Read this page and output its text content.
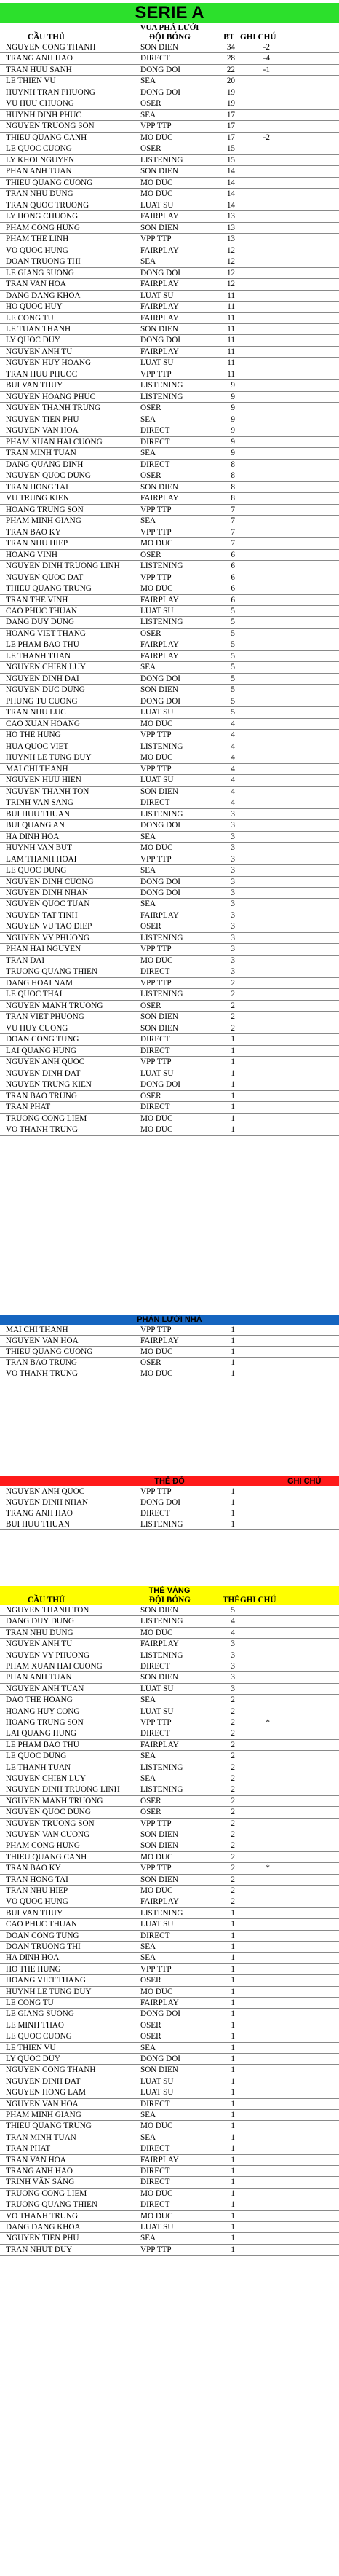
SERIE A
VUA PHÁ LƯỚI
CẦU THỦ	ĐỘI BÓNG	BT GHI CHÚ
NGUYEN CONG THANH	SON DIEN	34	-2
TRANG ANH HAO	DIRECT	28	-4
TRAN HUU SANH	DONG DOI	22	-1
LE THIEN VU	SEA	20
HUYNH TRAN PHUONG	DONG DOI	19
VU HUU CHUONG	OSER	19
HUYNH DINH PHUC	SEA	17
NGUYEN TRUONG SON	VPP TTP	17
THIEU QUANG CANH	MO DUC	17	-2
LE QUOC CUONG	OSER	15
LY KHOI NGUYEN	LISTENING	15
PHAN ANH TUAN	SON DIEN	14
THIEU QUANG CUONG	MO DUC	14
TRAN NHU DUNG	MO DUC	14
TRAN QUOC TRUONG	LUAT SU	14
LY HONG CHUONG	FAIRPLAY	13
PHAM CONG HUNG	SON DIEN	13
PHAM THE LINH	VPP TTP	13
VO QUOC HUNG	FAIRPLAY	12
DOAN TRUONG THI	SEA	12
LE GIANG SUONG	DONG DOI	12
TRAN VAN HOA	FAIRPLAY	12
DANG DANG KHOA	LUAT SU	11
HO QUOC HUY	FAIRPLAY	11
LE CONG TU	FAIRPLAY	11
LE TUAN THANH	SON DIEN	11
LY QUOC DUY	DONG DOI	11
NGUYEN ANH TU	FAIRPLAY	11
NGUYEN HUY HOANG	LUAT SU	11
TRAN HUU PHUOC	VPP TTP	11
BUI VAN THUY	LISTENING	9
NGUYEN HOANG PHUC	LISTENING	9
NGUYEN THANH TRUNG	OSER	9
NGUYEN TIEN PHU	SEA	9
NGUYEN VAN HOA	DIRECT	9
PHAM XUAN HAI CUONG	DIRECT	9
TRAN MINH TUAN	SEA	9
DANG QUANG DINH	DIRECT	8
NGUYEN QUOC DUNG	OSER	8
TRAN HONG TAI	SON DIEN	8
VU TRUNG KIEN	FAIRPLAY	8
HOANG TRUNG SON	VPP TTP	7
PHAM MINH GIANG	SEA	7
TRAN BAO KY	VPP TTP	7
TRAN NHU HIEP	MO DUC	7
HOANG VINH	OSER	6
NGUYEN DINH TRUONG LINH	LISTENING	6
NGUYEN QUOC DAT	VPP TTP	6
THIEU QUANG TRUNG	MO DUC	6
TRAN THE VINH	FAIRPLAY	6
CAO PHUC THUAN	LUAT SU	5
DANG DUY DUNG	LISTENING	5
HOANG VIET THANG	OSER	5
LE PHAM BAO THU	FAIRPLAY	5
LE THANH TUAN	FAIRPLAY	5
NGUYEN CHIEN LUY	SEA	5
NGUYEN DINH DAI	DONG DOI	5
NGUYEN DUC DUNG	SON DIEN	5
PHUNG TU CUONG	DONG DOI	5
TRAN NHU LUC	LUAT SU	5
CAO XUAN HOANG	MO DUC	4
HO THE HUNG	VPP TTP	4
HUA QUOC VIET	LISTENING	4
HUYNH LE TUNG DUY	MO DUC	4
MAI CHI THANH	VPP TTP	4
NGUYEN HUU HIEN	LUAT SU	4
NGUYEN THANH TON	SON DIEN	4
TRINH VAN SANG	DIRECT	4
BUI HUU THUAN	LISTENING	3
BUI QUANG AN	DONG DOI	3
HA DINH HOA	SEA	3
HUYNH VAN BUT	MO DUC	3
LAM THANH HOAI	VPP TTP	3
LE QUOC DUNG	SEA	3
NGUYEN DINH CUONG	DONG DOI	3
NGUYEN DINH NHAN	DONG DOI	3
NGUYEN QUOC TUAN	SEA	3
NGUYEN TAT TINH	FAIRPLAY	3
NGUYEN VU TAO DIEP	OSER	3
NGUYEN VY PHUONG	LISTENING	3
PHAN HAI NGUYEN	VPP TTP	3
TRAN DAI	MO DUC	3
TRUONG QUANG THIEN	DIRECT	3
DANG HOAI NAM	VPP TTP	2
LE QUOC THAI	LISTENING	2
NGUYEN MANH TRUONG	OSER	2
TRAN VIET PHUONG	SON DIEN	2
VU HUY CUONG	SON DIEN	2
DOAN CONG TUNG	DIRECT	1
LAI QUANG HUNG	DIRECT	1
NGUYEN ANH QUOC	VPP TTP	1
NGUYEN DINH DAT	LUAT SU	1
NGUYEN TRUNG KIEN	DONG DOI	1
TRAN BAO TRUNG	OSER	1
TRAN PHAT	DIRECT	1
TRUONG CONG LIEM	MO DUC	1
VO THANH TRUNG	MO DUC	1
PHẢN LƯỚI NHÀ
MAI CHI THANH	VPP TTP	1
NGUYEN VAN HOA	FAIRPLAY	1
THIEU QUANG CUONG	MO DUC	1
TRAN BAO TRUNG	OSER	1
VO THANH TRUNG	MO DUC	1
THẺ ĐỎ	GHI CHÚ
NGUYEN ANH QUOC	VPP TTP	1
NGUYEN DINH NHAN	DONG DOI	1
TRANG ANH HAO	DIRECT	1
BUI HUU THUAN	LISTENING	1
THẺ VÀNG
CẦU THỦ	ĐỘI BÓNG	THẺ GHI CHÚ
NGUYEN THANH TON	SON DIEN	5
DANG DUY DUNG	LISTENING	4
TRAN NHU DUNG	MO DUC	4
NGUYEN ANH TU	FAIRPLAY	3
NGUYEN VY PHUONG	LISTENING	3
PHAM XUAN HAI CUONG	DIRECT	3
PHAN ANH TUAN	SON DIEN	3
NGUYEN ANH TUAN	LUAT SU	3
DAO THE HOANG	SEA	2
HOANG HUY CONG	LUAT SU	2
HOANG TRUNG SON	VPP TTP	2	*
LAI QUANG HUNG	DIRECT	2
LE PHAM BAO THU	FAIRPLAY	2
LE QUOC DUNG	SEA	2
LE THANH TUAN	LISTENING	2
NGUYEN CHIEN LUY	SEA	2
NGUYEN DINH TRUONG LINH	LISTENING	2
NGUYEN MANH TRUONG	OSER	2
NGUYEN QUOC DUNG	OSER	2
NGUYEN TRUONG SON	VPP TTP	2
NGUYEN VAN CUONG	SON DIEN	2
PHAM CONG HUNG	SON DIEN	2
THIEU QUANG CANH	MO DUC	2
TRAN BAO KY	VPP TTP	2	*
TRAN HONG TAI	SON DIEN	2
TRAN NHU HIEP	MO DUC	2
VO QUOC HUNG	FAIRPLAY	2
BUI VAN THUY	LISTENING	1
CAO PHUC THUAN	LUAT SU	1
DOAN CONG TUNG	DIRECT	1
DOAN TRUONG THI	SEA	1
HA DINH HOA	SEA	1
HO THE HUNG	VPP TTP	1
HOANG VIET THANG	OSER	1
HUYNH LE TUNG DUY	MO DUC	1
LE CONG TU	FAIRPLAY	1
LE GIANG SUONG	DONG DOI	1
LE MINH THAO	OSER	1
LE QUOC CUONG	OSER	1
LE THIEN VU	SEA	1
LY QUOC DUY	DONG DOI	1
NGUYEN CONG THANH	SON DIEN	1
NGUYEN DINH DAT	LUAT SU	1
NGUYEN HONG LAM	LUAT SU	1
NGUYEN VAN HOA	DIRECT	1
PHAM MINH GIANG	SEA	1
THIEU QUANG TRUNG	MO DUC	1
TRAN MINH TUAN	SEA	1
TRAN PHAT	DIRECT	1
TRAN VAN HOA	FAIRPLAY	1
TRANG ANH HAO	DIRECT	1
TRINH VĂN SÁNG	DIRECT	1
TRUONG CONG LIEM	MO DUC	1
TRUONG QUANG THIEN	DIRECT	1
VO THANH TRUNG	MO DUC	1
DANG DANG KHOA	LUAT SU	1
NGUYEN TIEN PHU	SEA	1
TRAN NHUT DUY	VPP TTP	1
